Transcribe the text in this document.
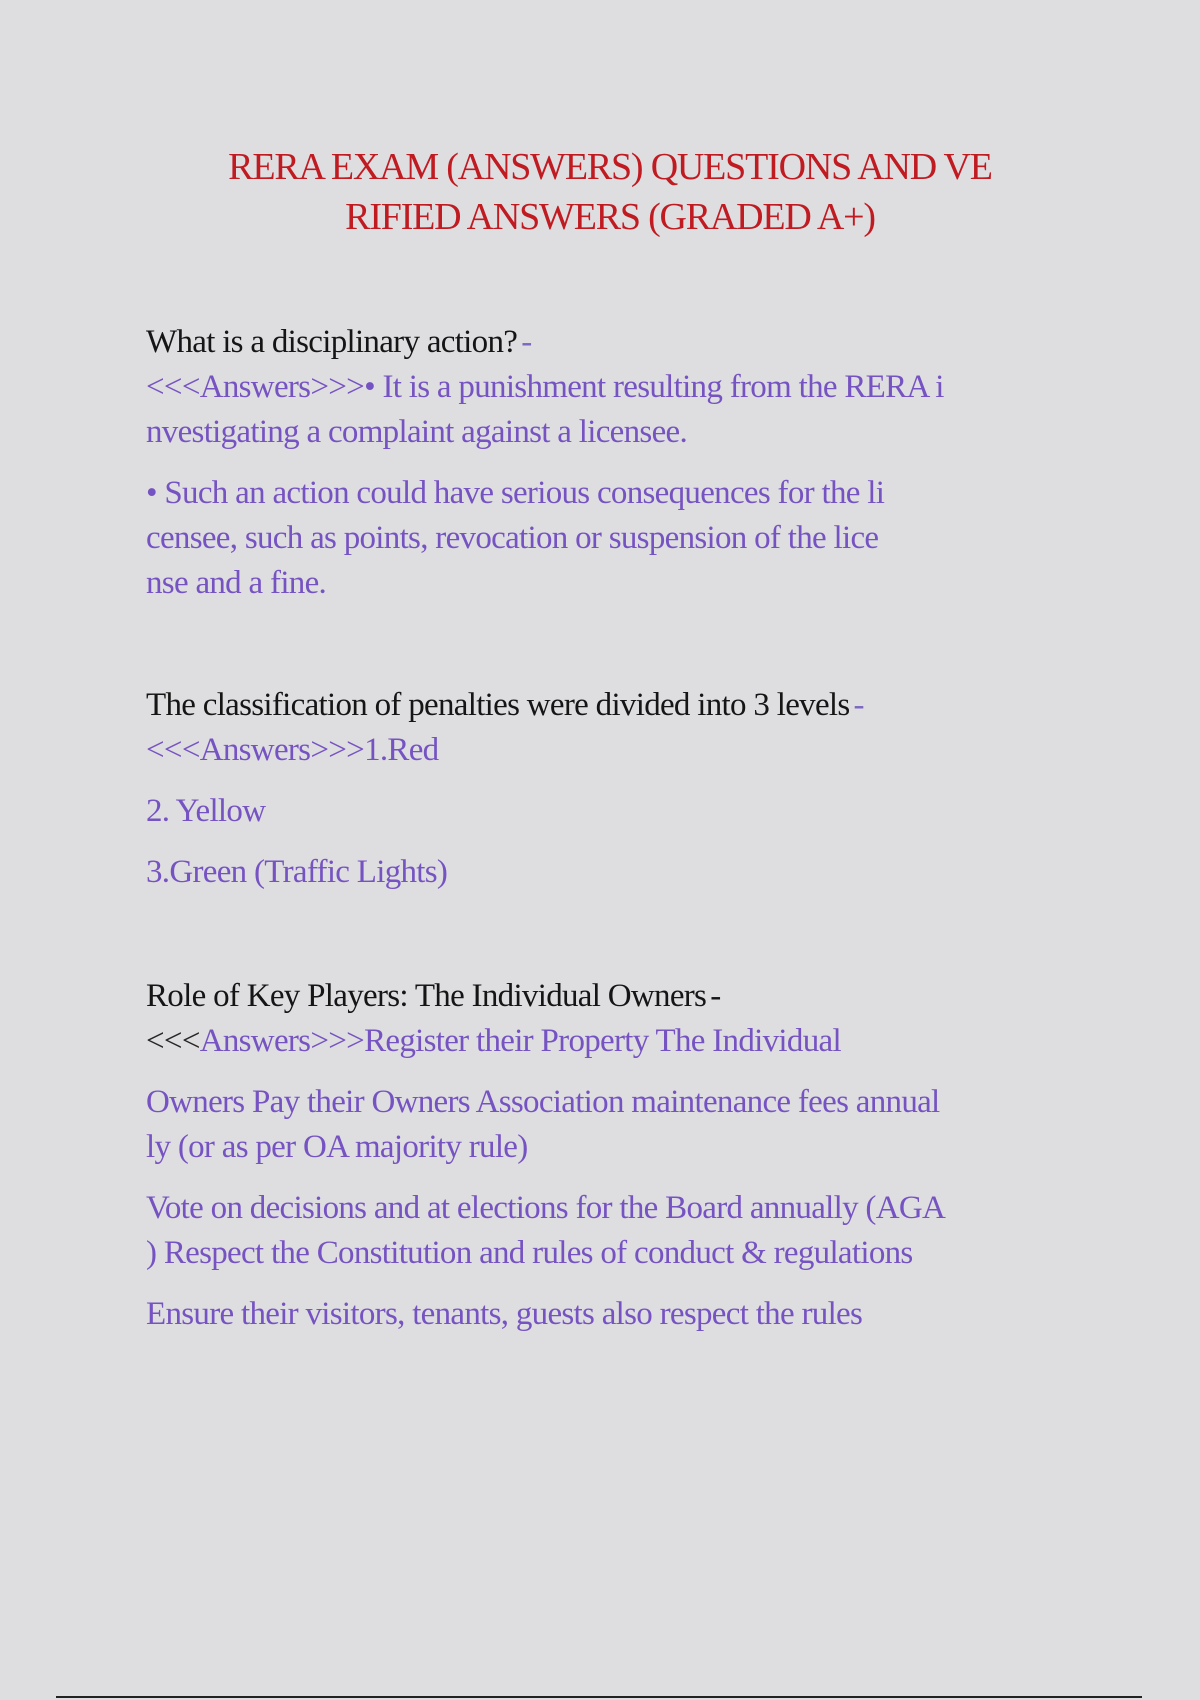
RERA EXAM (ANSWERS) QUESTIONS AND VE
RIFIED ANSWERS (GRADED A+)
What is a disciplinary action? -
<<<Answers>>>• It is a punishment resulting from the RERA i
nvestigating a complaint against a licensee.
• Such an action could have serious consequences for the li
censee, such as points, revocation or suspension of the lice
nse and a fine.
The classification of penalties were divided into 3 levels -
<<<Answers>>>1.Red
2. Yellow
3.Green (Traffic Lights)
Role of Key Players: The Individual Owners -
<<<Answers>>>Register their Property The Individual
Owners Pay their Owners Association maintenance fees annual
ly (or as per OA majority rule)
Vote on decisions and at elections for the Board annually (AGA
) Respect the Constitution and rules of conduct & regulations
Ensure their visitors, tenants, guests also respect the rules
